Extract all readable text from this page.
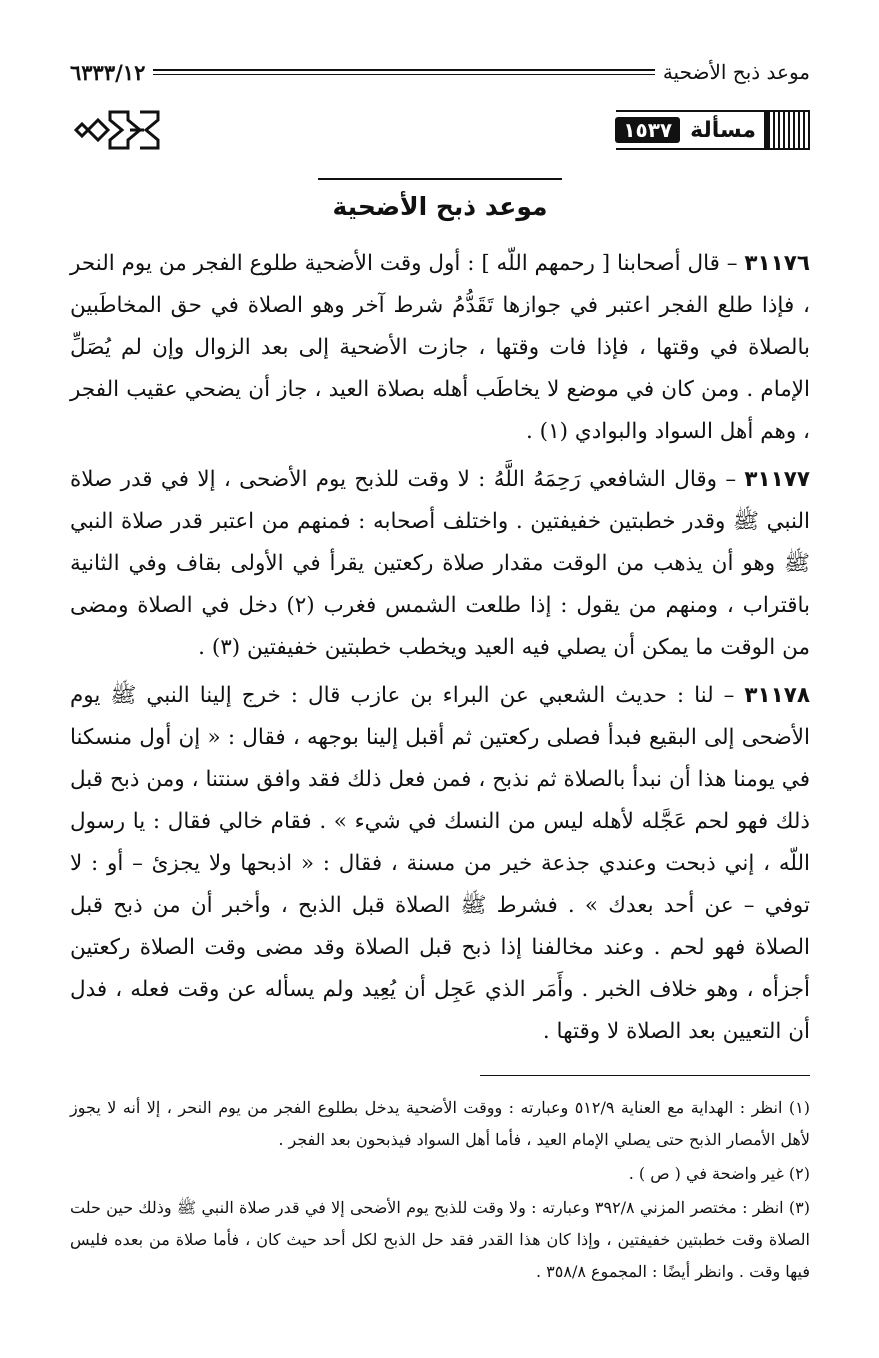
موعد ذبح الأضحية
٦٣٣٣/١٢
مسألة
١٥٣٧
موعد ذبح الأضحية

٣١١٧٦ – قال أصحابنا [ رحمهم اللّه ] : أول وقت الأضحية طلوع الفجر من يوم النحر ، فإذا طلع الفجر اعتبر في جوازها تَقَدُّمُ شرط آخر وهو الصلاة في حق المخاطَبين بالصلاة في وقتها ، فإذا فات وقتها ، جازت الأضحية إلى بعد الزوال وإن لم يُصَلِّ الإمام . ومن كان في موضع لا يخاطَب أهله بصلاة العيد ، جاز أن يضحي عقيب الفجر ، وهم أهل السواد والبوادي (١) .

٣١١٧٧ – وقال الشافعي رَحِمَهُ اللَّهُ : لا وقت للذبح يوم الأضحى ، إلا في قدر صلاة النبي ﷺ وقدر خطبتين خفيفتين . واختلف أصحابه : فمنهم من اعتبر قدر صلاة النبي ﷺ وهو أن يذهب من الوقت مقدار صلاة ركعتين يقرأ في الأولى بقاف وفي الثانية باقتراب ، ومنهم من يقول : إذا طلعت الشمس فغرب (٢) دخل في الصلاة ومضى من الوقت ما يمكن أن يصلي فيه العيد ويخطب خطبتين خفيفتين (٣) .

٣١١٧٨ – لنا : حديث الشعبي عن البراء بن عازب قال : خرج إلينا النبي ﷺ يوم الأضحى إلى البقيع فبدأ فصلى ركعتين ثم أقبل إلينا بوجهه ، فقال : « إن أول منسكنا في يومنا هذا أن نبدأ بالصلاة ثم نذبح ، فمن فعل ذلك فقد وافق سنتنا ، ومن ذبح قبل ذلك فهو لحم عَجَّله لأهله ليس من النسك في شيء » . فقام خالي فقال : يا رسول اللّه ، إني ذبحت وعندي جذعة خير من مسنة ، فقال : « اذبحها ولا يجزئ – أو : لا توفي – عن أحد بعدك » . فشرط ﷺ الصلاة قبل الذبح ، وأخبر أن من ذبح قبل الصلاة فهو لحم . وعند مخالفنا إذا ذبح قبل الصلاة وقد مضى وقت الصلاة ركعتين أجزأه ، وهو خلاف الخبر . وأَمَر الذي عَجِل أن يُعِيد ولم يسأله عن وقت فعله ، فدل أن التعيين بعد الصلاة لا وقتها .

(١) انظر : الهداية مع العناية ٥١٢/٩ وعبارته : ووقت الأضحية يدخل بطلوع الفجر من يوم النحر ، إلا أنه لا يجوز لأهل الأمصار الذبح حتى يصلي الإمام العيد ، فأما أهل السواد فيذبحون بعد الفجر .

(٢) غير واضحة في ( ص ) .

(٣) انظر : مختصر المزني ٣٩٢/٨ وعبارته : ولا وقت للذبح يوم الأضحى إلا في قدر صلاة النبي ﷺ وذلك حين حلت الصلاة وقت خطبتين خفيفتين ، وإذا كان هذا القدر فقد حل الذبح لكل أحد حيث كان ، فأما صلاة من بعده فليس فيها وقت . وانظر أيضًا : المجموع ٣٥٨/٨ .
